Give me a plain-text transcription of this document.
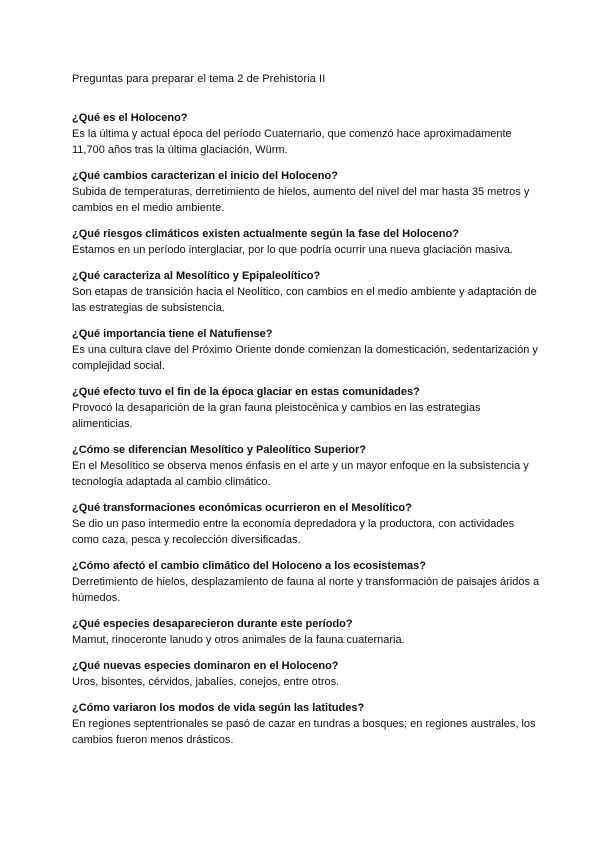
Preguntas para preparar el tema 2 de Prehistoria II

¿Qué es el Holoceno?

Es la última y actual época del período Cuaternario, que comenzó hace aproximadamente 11,700 años tras la última glaciación, Würm.

¿Qué cambios caracterizan el inicio del Holoceno?

Subida de temperaturas, derretimiento de hielos, aumento del nivel del mar hasta 35 metros y cambios en el medio ambiente.

¿Qué riesgos climáticos existen actualmente según la fase del Holoceno?

Estamos en un período interglaciar, por lo que podría ocurrir una nueva glaciación masiva.

¿Qué caracteriza al Mesolítico y Epipaleolítico?

Son etapas de transición hacia el Neolítico, con cambios en el medio ambiente y adaptación de las estrategias de subsistencia.

¿Qué importancia tiene el Natufiense?

Es una cultura clave del Próximo Oriente donde comienzan la domesticación, sedentarización y complejidad social.

¿Qué efecto tuvo el fin de la época glaciar en estas comunidades?

Provocó la desaparición de la gran fauna pleistocénica y cambios en las estrategias alimenticias.

¿Cómo se diferencian Mesolítico y Paleolítico Superior?

En el Mesolítico se observa menos énfasis en el arte y un mayor enfoque en la subsistencia y tecnología adaptada al cambio climático.

¿Qué transformaciones económicas ocurrieron en el Mesolítico?

Se dio un paso intermedio entre la economía depredadora y la productora, con actividades como caza, pesca y recolección diversificadas.

¿Cómo afectó el cambio climático del Holoceno a los ecosistemas?

Derretimiento de hielos, desplazamiento de fauna al norte y transformación de paisajes áridos a húmedos.

¿Qué especies desaparecieron durante este período?

Mamut, rinoceronte lanudo y otros animales de la fauna cuaternaria.

¿Qué nuevas especies dominaron en el Holoceno?

Uros, bisontes, cérvidos, jabalíes, conejos, entre otros.

¿Cómo variaron los modos de vida según las latitudes?

En regiones septentrionales se pasó de cazar en tundras a bosques; en regiones australes, los cambios fueron menos drásticos.
